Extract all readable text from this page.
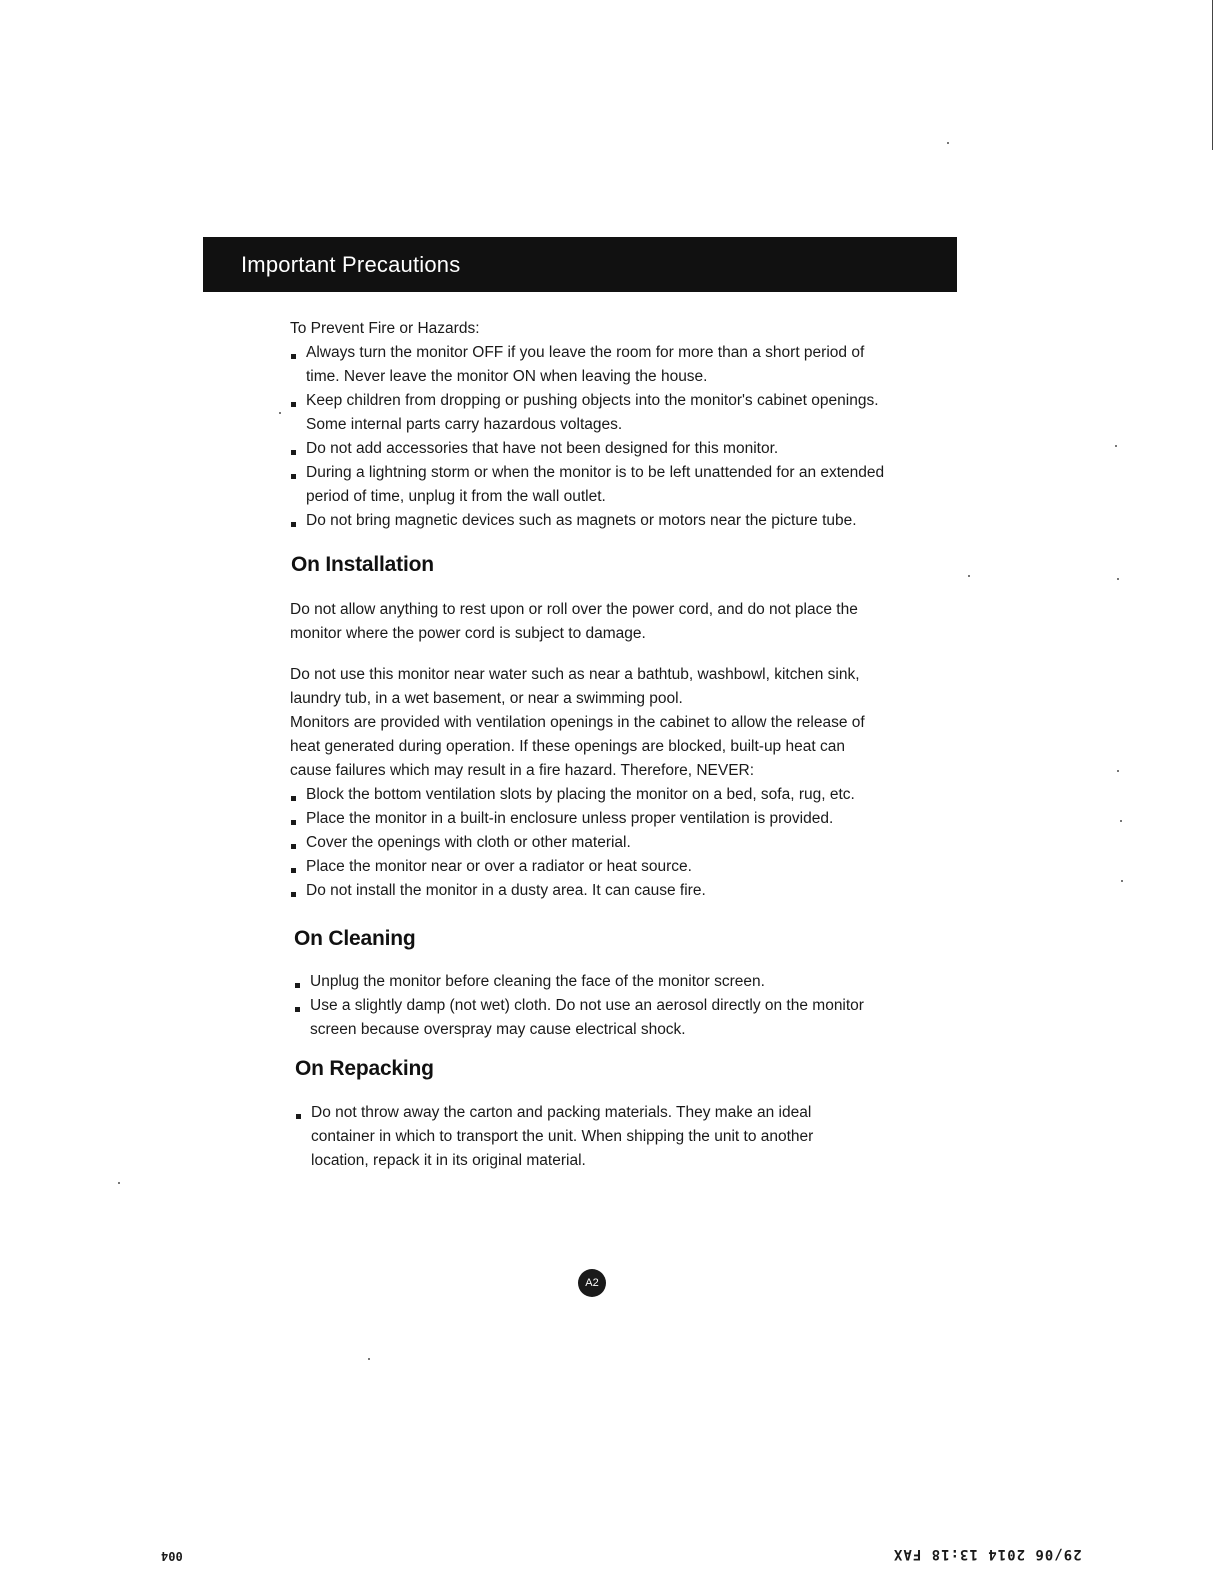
Important Precautions

To Prevent Fire or Hazards:

Always turn the monitor OFF if you leave the room for more than a short period of time. Never leave the monitor ON when leaving the house.
Keep children from dropping or pushing objects into the monitor's cabinet openings. Some internal parts carry hazardous voltages.
Do not add accessories that have not been designed for this monitor.
During a lightning storm or when the monitor is to be left unattended for an extended period of time, unplug it from the wall outlet.
Do not bring magnetic devices such as magnets or motors near the picture tube.
On Installation

Do not allow anything to rest upon or roll over the power cord, and do not place the monitor where the power cord is subject to damage.

Do not use this monitor near water such as near a bathtub, washbowl, kitchen sink, laundry tub, in a wet basement, or near a swimming pool.

Monitors are provided with ventilation openings in the cabinet to allow the release of heat generated during operation. If these openings are blocked, built-up heat can cause failures which may result in a fire hazard. Therefore, NEVER:

Block the bottom ventilation slots by placing the monitor on a bed, sofa, rug, etc.
Place the monitor in a built-in enclosure unless proper ventilation is provided.
Cover the openings with cloth or other material.
Place the monitor near or over a radiator or heat source.
Do not install the monitor in a dusty area. It can cause fire.
On Cleaning
Unplug the monitor before cleaning the face of the monitor screen.
Use a slightly damp (not wet) cloth. Do not use an aerosol directly on the monitor screen because overspray may cause electrical shock.
On Repacking
Do not throw away the carton and packing materials. They make an ideal container in which to transport the unit. When shipping the unit to another location, repack it in its original material.
A2
004	29/06 2014 13:18 FAX
